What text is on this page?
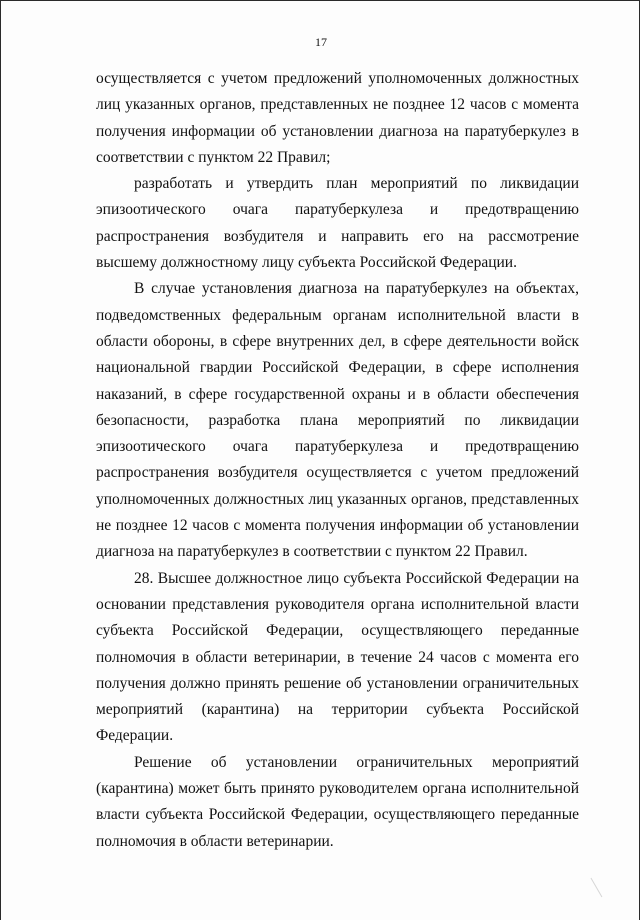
17

осуществляется с учетом предложений уполномоченных должностных лиц указанных органов, представленных не позднее 12 часов с момента получения информации об установлении диагноза на паратуберкулез в соответствии с пунктом 22 Правил;

разработать и утвердить план мероприятий по ликвидации эпизоотического очага паратуберкулеза и предотвращению распространения возбудителя и направить его на рассмотрение высшему должностному лицу субъекта Российской Федерации.

В случае установления диагноза на паратуберкулез на объектах, подведомственных федеральным органам исполнительной власти в области обороны, в сфере внутренних дел, в сфере деятельности войск национальной гвардии Российской Федерации, в сфере исполнения наказаний, в сфере государственной охраны и в области обеспечения безопасности, разработка плана мероприятий по ликвидации эпизоотического очага паратуберкулеза и предотвращению распространения возбудителя осуществляется с учетом предложений уполномоченных должностных лиц указанных органов, представленных не позднее 12 часов с момента получения информации об установлении диагноза на паратуберкулез в соответствии с пунктом 22 Правил.

28. Высшее должностное лицо субъекта Российской Федерации на основании представления руководителя органа исполнительной власти субъекта Российской Федерации, осуществляющего переданные полномочия в области ветеринарии, в течение 24 часов с момента его получения должно принять решение об установлении ограничительных мероприятий (карантина) на территории субъекта Российской Федерации.

Решение об установлении ограничительных мероприятий (карантина) может быть принято руководителем органа исполнительной власти субъекта Российской Федерации, осуществляющего переданные полномочия в области ветеринарии.
